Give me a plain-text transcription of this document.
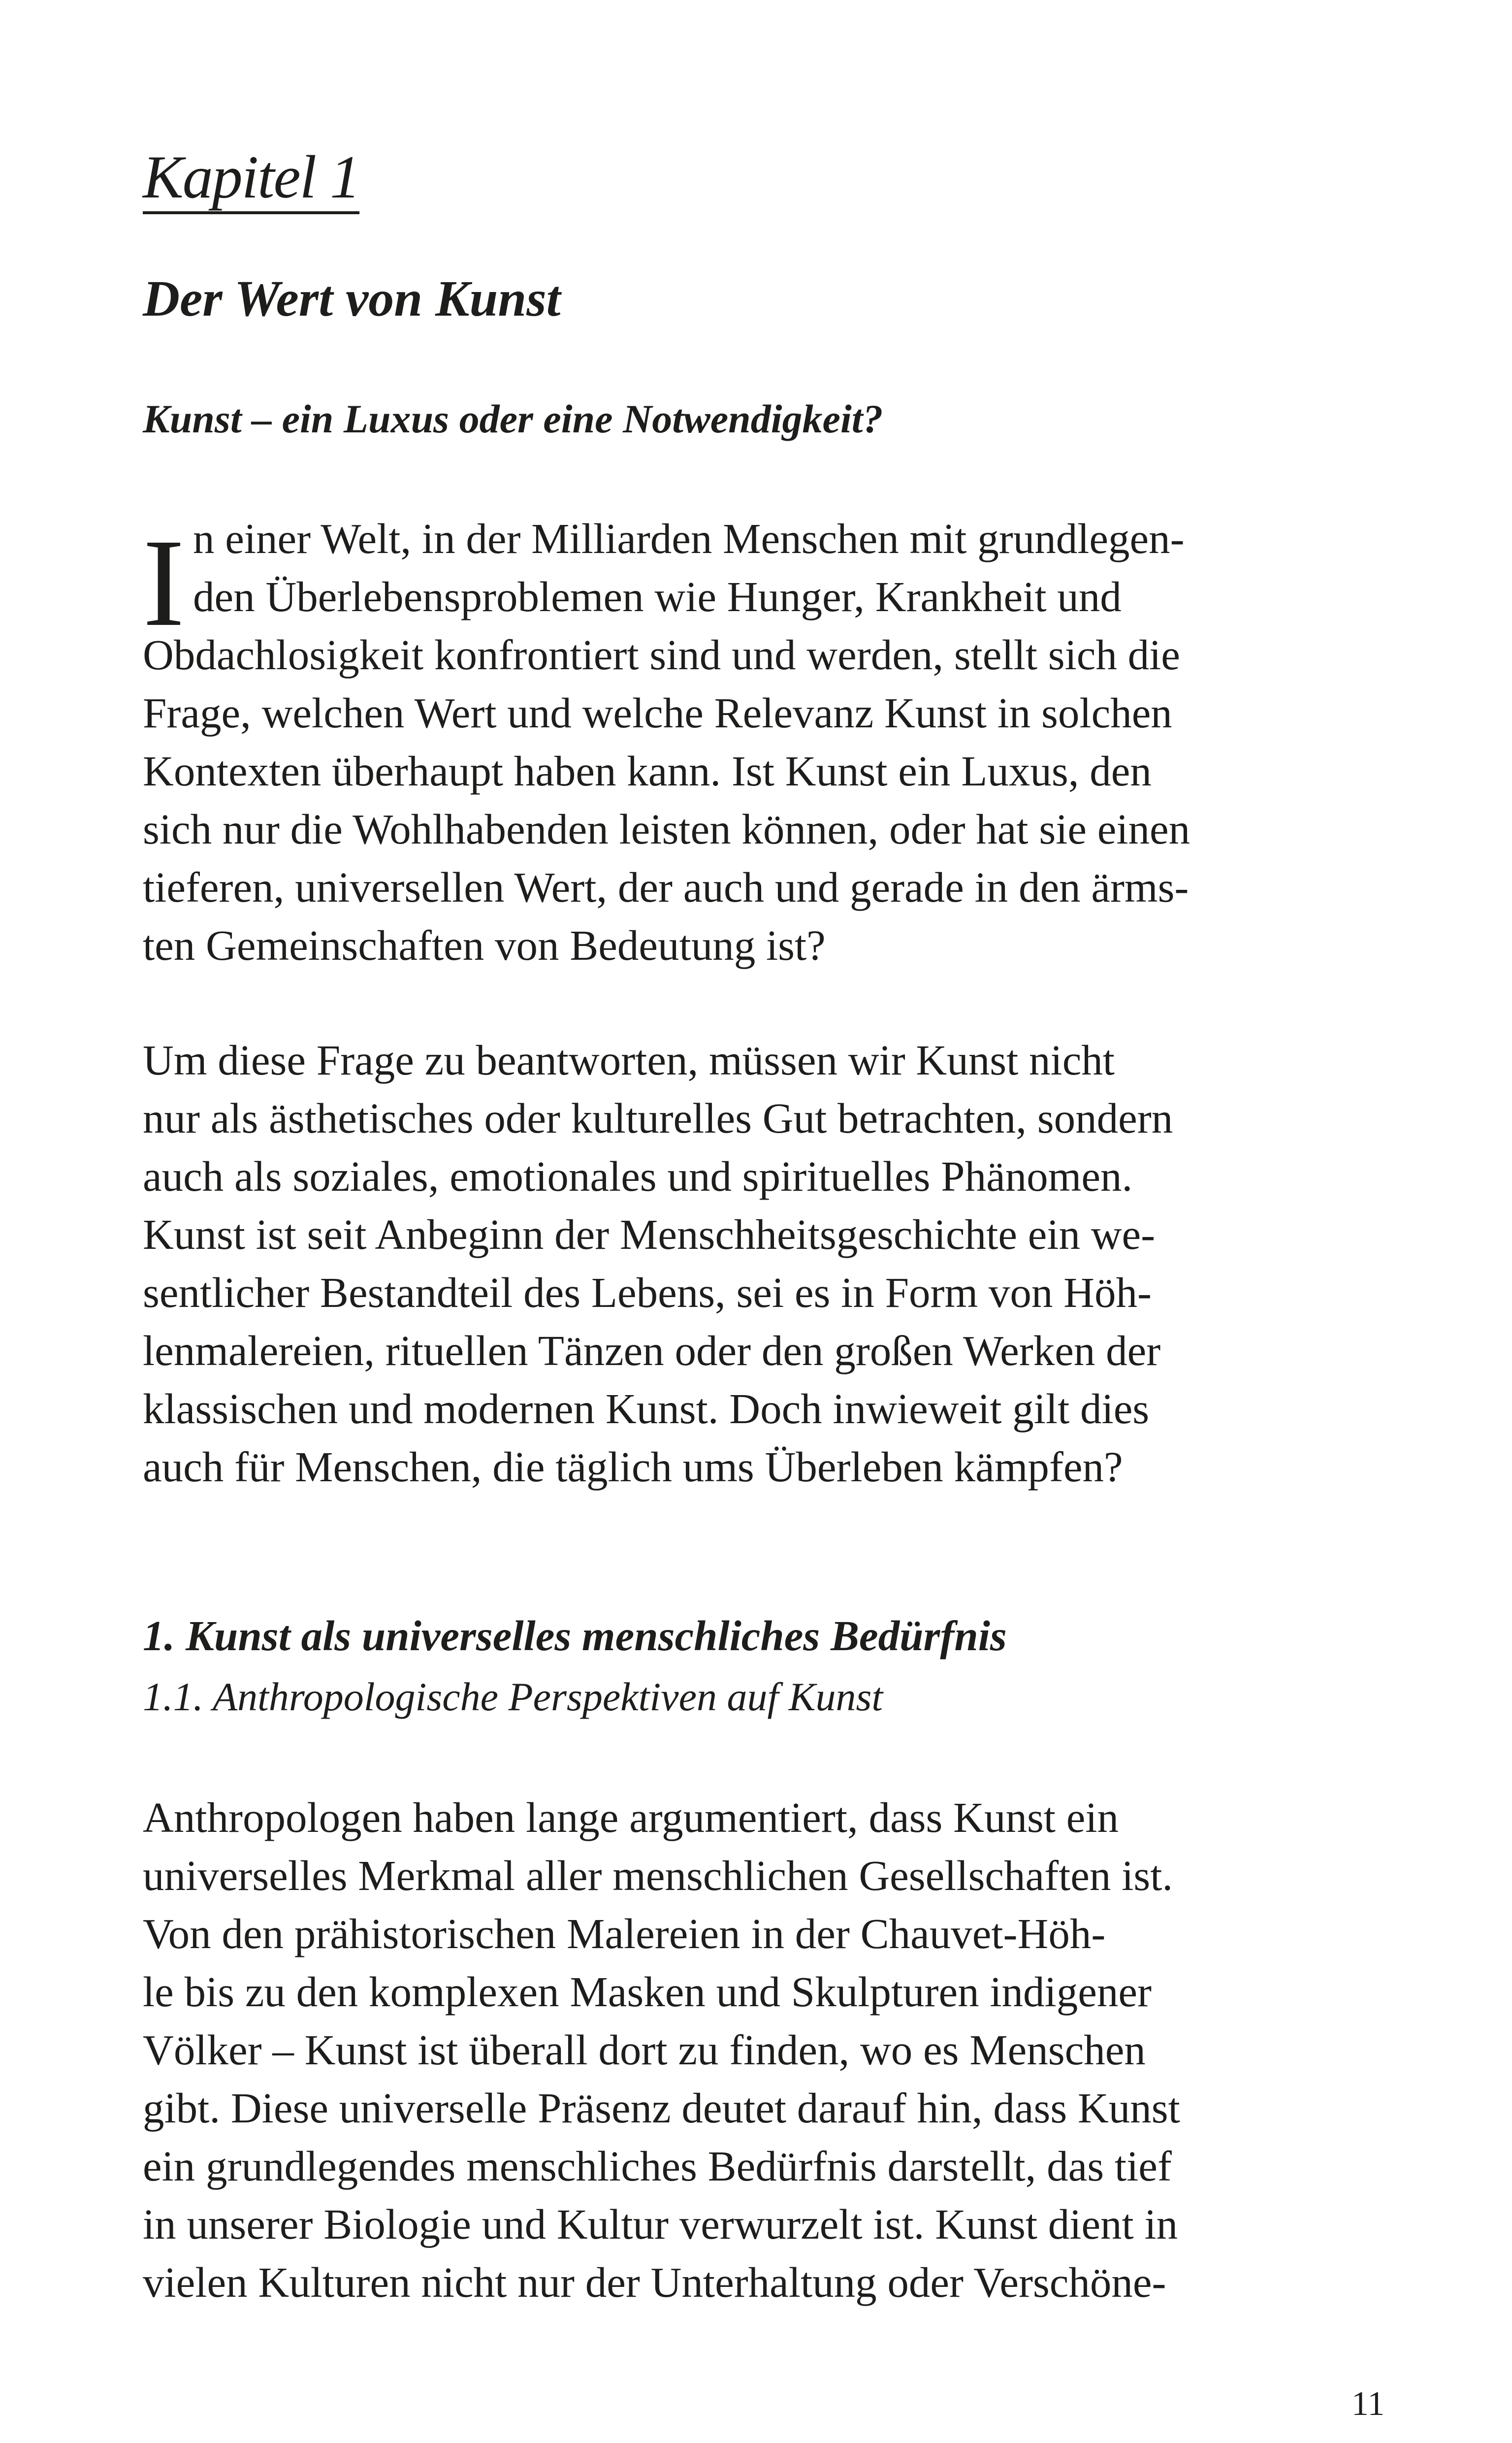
Kapitel 1
Der Wert von Kunst
Kunst – ein Luxus oder eine Notwendigkeit?
I n einer Welt, in der Milliarden Menschen mit grundlegen-
den Überlebensproblemen wie Hunger, Krankheit und
Obdachlosigkeit konfrontiert sind und werden, stellt sich die
Frage, welchen Wert und welche Relevanz Kunst in solchen
Kontexten überhaupt haben kann. Ist Kunst ein Luxus, den
sich nur die Wohlhabenden leisten können, oder hat sie einen
tieferen, universellen Wert, der auch und gerade in den ärms-
ten Gemeinschaften von Bedeutung ist?
Um diese Frage zu beantworten, müssen wir Kunst nicht
nur als ästhetisches oder kulturelles Gut betrachten, sondern
auch als soziales, emotionales und spirituelles Phänomen.
Kunst ist seit Anbeginn der Menschheitsgeschichte ein we-
sentlicher Bestandteil des Lebens, sei es in Form von Höh-
lenmalereien, rituellen Tänzen oder den großen Werken der
klassischen und modernen Kunst. Doch inwieweit gilt dies
auch für Menschen, die täglich ums Überleben kämpfen?
1. Kunst als universelles menschliches Bedürfnis
1.1. Anthropologische Perspektiven auf Kunst
Anthropologen haben lange argumentiert, dass Kunst ein
universelles Merkmal aller menschlichen Gesellschaften ist.
Von den prähistorischen Malereien in der Chauvet-Höh-
le bis zu den komplexen Masken und Skulpturen indigener
Völker – Kunst ist überall dort zu finden, wo es Menschen
gibt. Diese universelle Präsenz deutet darauf hin, dass Kunst
ein grundlegendes menschliches Bedürfnis darstellt, das tief
in unserer Biologie und Kultur verwurzelt ist. Kunst dient in
vielen Kulturen nicht nur der Unterhaltung oder Verschöne-
11
